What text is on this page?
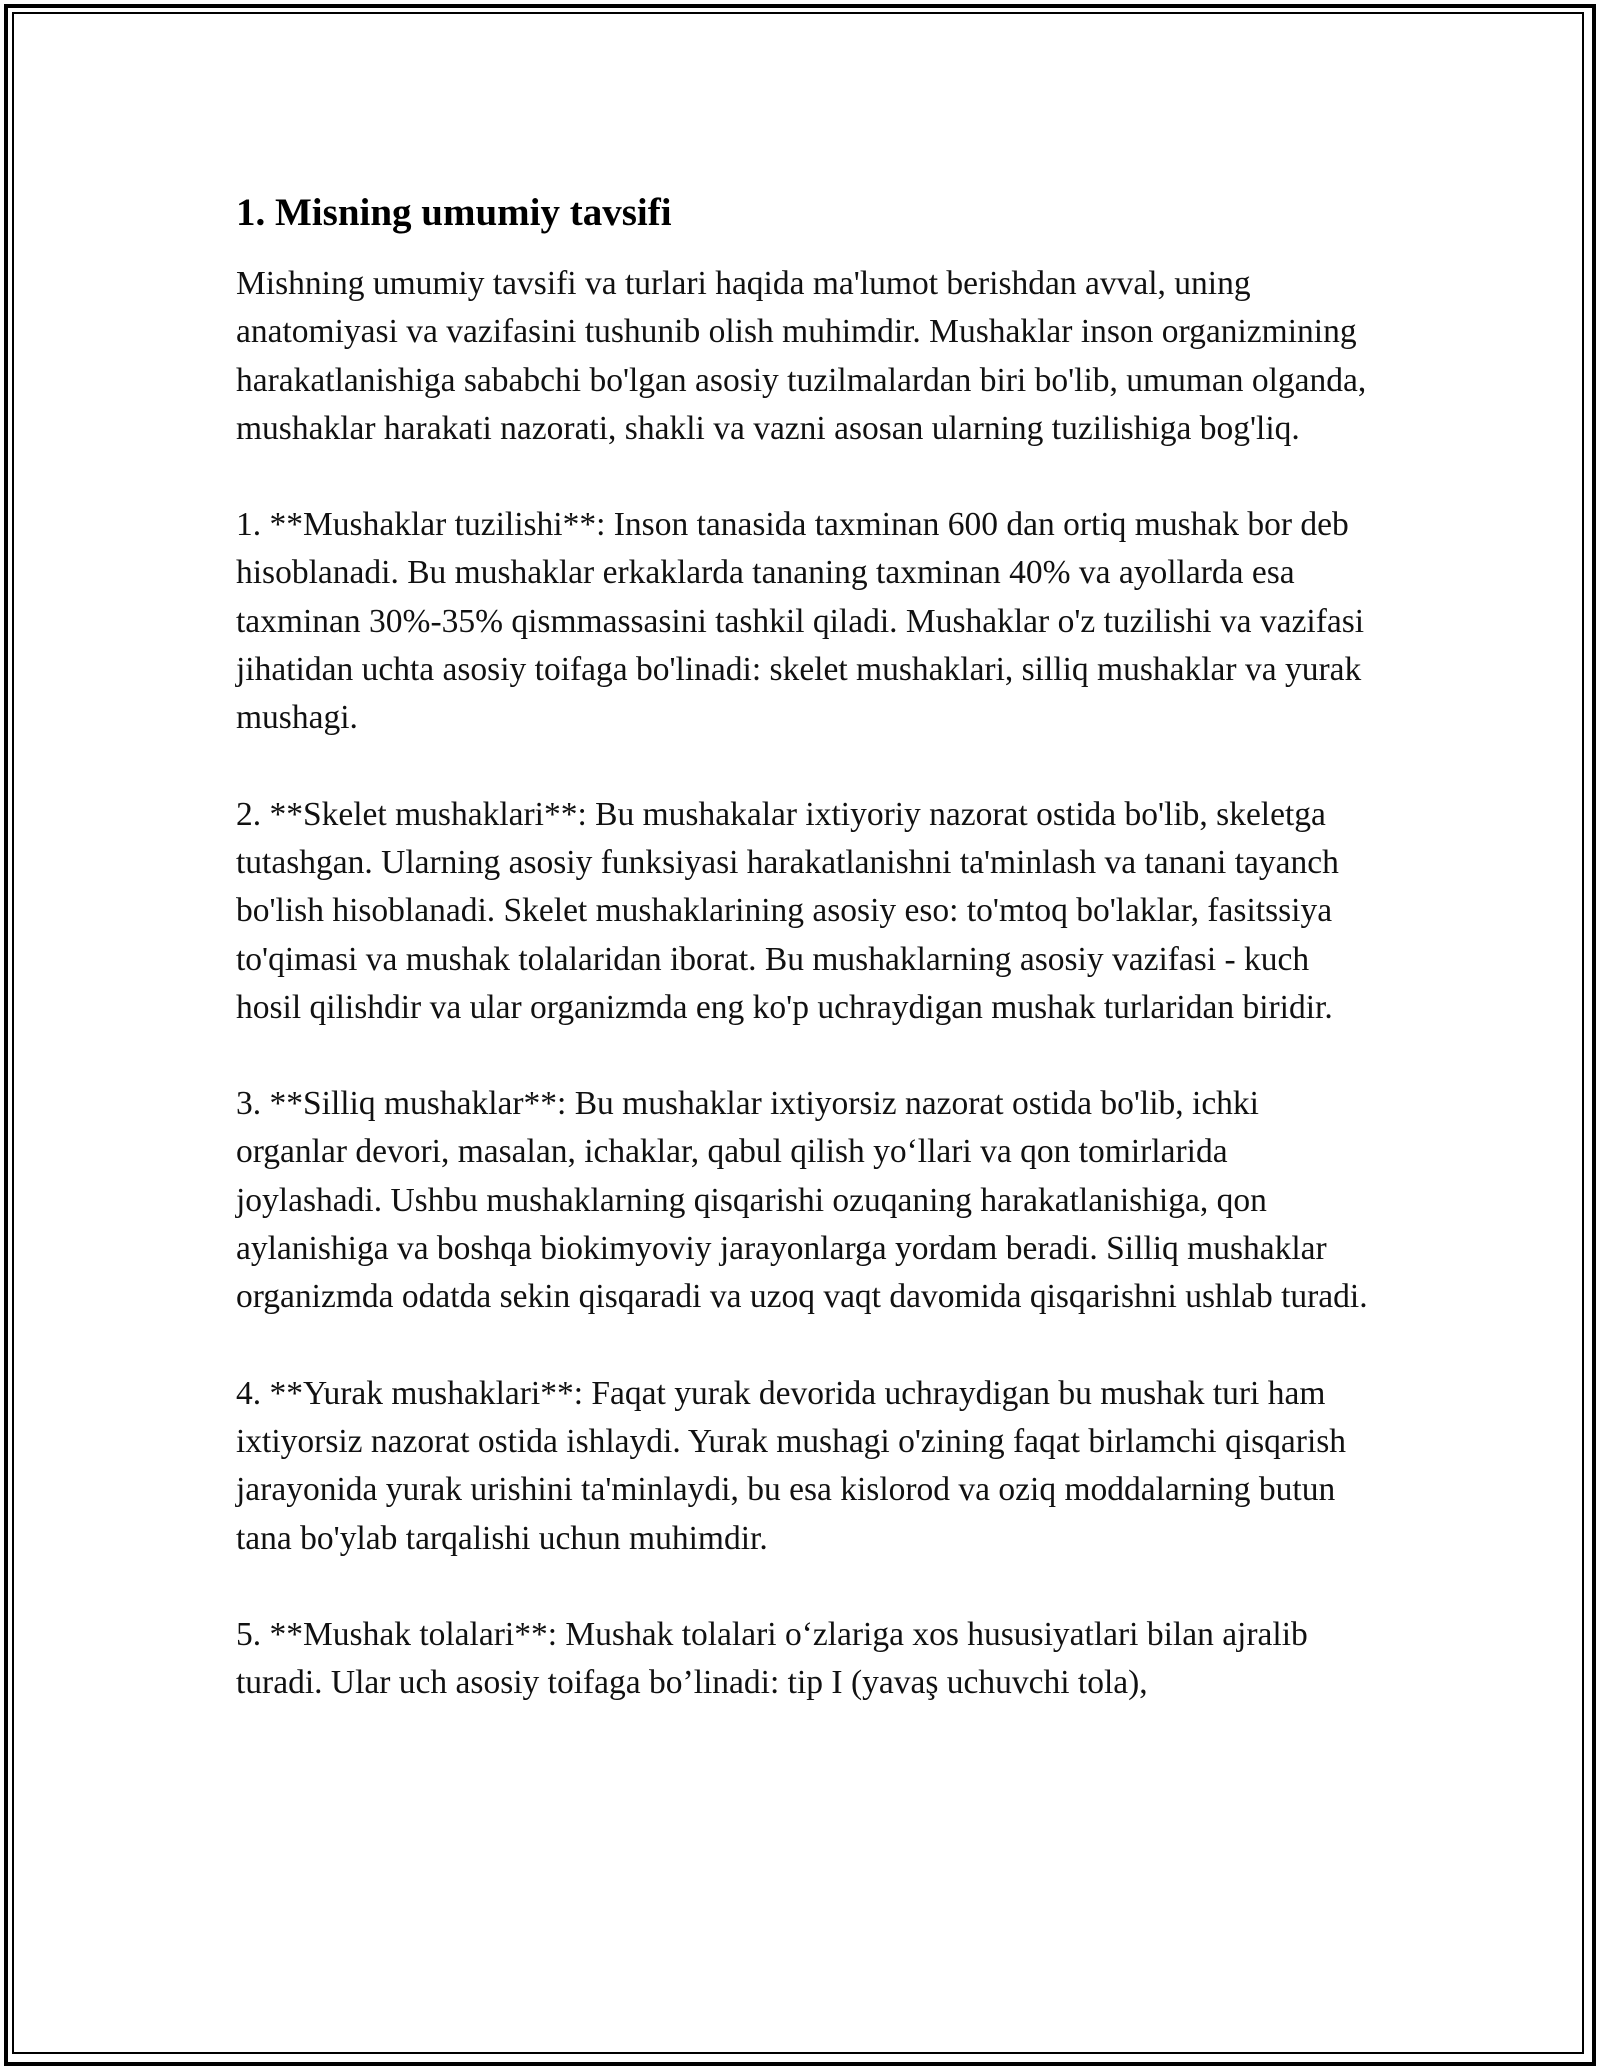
1. Misning umumiy tavsifi

Mishning umumiy tavsifi va turlari haqida ma'lumot berishdan avval, uning anatomiyasi va vazifasini tushunib olish muhimdir. Mushaklar inson organizmining harakatlanishiga sababchi bo'lgan asosiy tuzilmalardan biri bo'lib, umuman olganda, mushaklar harakati nazorati, shakli va vazni asosan ularning tuzilishiga bog'liq.

1. **Mushaklar tuzilishi**: Inson tanasida taxminan 600 dan ortiq mushak bor deb hisoblanadi. Bu mushaklar erkaklarda tananing taxminan 40% va ayollarda esa taxminan 30%-35% qismmassasini tashkil qiladi. Mushaklar o'z tuzilishi va vazifasi jihatidan uchta asosiy toifaga bo'linadi: skelet mushaklari, silliq mushaklar va yurak mushagi.

2. **Skelet mushaklari**: Bu mushakalar ixtiyoriy nazorat ostida bo'lib, skeletga tutashgan. Ularning asosiy funksiyasi harakatlanishni ta'minlash va tanani tayanch bo'lish hisoblanadi. Skelet mushaklarining asosiy eso: to'mtoq bo'laklar, fasitssiya to'qimasi va mushak tolalaridan iborat. Bu mushaklarning asosiy vazifasi - kuch hosil qilishdir va ular organizmda eng ko'p uchraydigan mushak turlaridan biridir.

3. **Silliq mushaklar**: Bu mushaklar ixtiyorsiz nazorat ostida bo'lib, ichki organlar devori, masalan, ichaklar, qabul qilish yo‘llari va qon tomirlarida joylashadi. Ushbu mushaklarning qisqarishi ozuqaning harakatlanishiga, qon aylanishiga va boshqa biokimyoviy jarayonlarga yordam beradi. Silliq mushaklar organizmda odatda sekin qisqaradi va uzoq vaqt davomida qisqarishni ushlab turadi.

4. **Yurak mushaklari**: Faqat yurak devorida uchraydigan bu mushak turi ham ixtiyorsiz nazorat ostida ishlaydi. Yurak mushagi o'zining faqat birlamchi qisqarish jarayonida yurak urishini ta'minlaydi, bu esa kislorod va oziq moddalarning butun tana bo'ylab tarqalishi uchun muhimdir.

5. **Mushak tolalari**: Mushak tolalari o‘zlariga xos hususiyatlari bilan ajralib turadi. Ular uch asosiy toifaga bo’linadi: tip I (yavaş uchuvchi tola),
